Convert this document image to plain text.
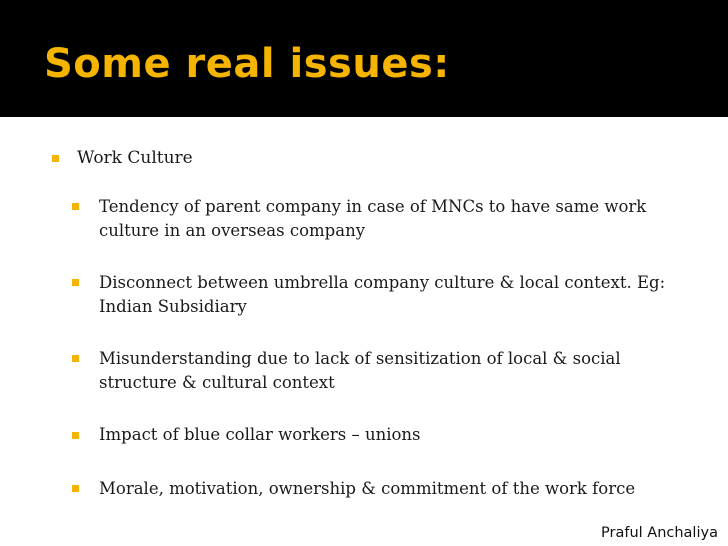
Some real issues:
Work Culture
Tendency of parent company in case of MNCs to have same work culture in an overseas company
Disconnect between umbrella company culture & local context. Eg: Indian Subsidiary
Misunderstanding due to lack of sensitization of local & social structure & cultural context
Impact of blue collar workers – unions
Morale, motivation, ownership & commitment of the work force
Praful Anchaliya
